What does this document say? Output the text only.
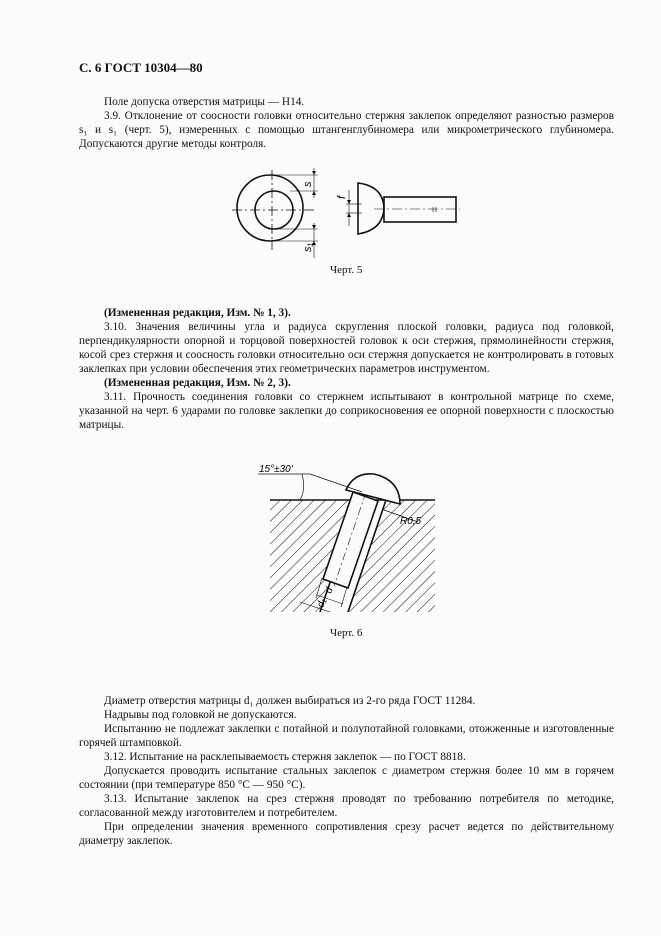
С. 6 ГОСТ 10304—80

Поле допуска отверстия матрицы — H14.

3.9. Отклонение от соосности головки относительно стержня заклепок определяют разностью размеров s₁ и s₁ (черт. 5), измеренных с помощью штангенглубиномера или микрометрического глубиномера. Допускаются другие методы контроля.

s
s₁
f
Черт. 5

(Измененная редакция, Изм. № 1, 3).

3.10. Значения величины угла и радиуса скругления плоской головки, радиуса под головкой, перпендикулярности опорной и торцовой поверхностей головок к оси стержня, прямолинейности стержня, косой срез стержня и соосность головки относительно оси стержня допускается не контролировать в готовых заклепках при условии обеспечения этих геометрических параметров инструментом.

(Измененная редакция, Изм. № 2, 3).

3.11. Прочность соединения головки со стержнем испытывают в контрольной матрице по схеме, указанной на черт. 6 ударами по головке заклепки до соприкосновения ее опорной поверхности с плоскостью матрицы.

15°±30'
R0,5
d
d₁
Черт. 6

Диаметр отверстия матрицы d₁ должен выбираться из 2-го ряда ГОСТ 11284.

Надрывы под головкой не допускаются.

Испытанию не подлежат заклепки с потайной и полупотайной головками, отожженные и изготовленные горячей штамповкой.

3.12. Испытание на расклепываемость стержня заклепок — по ГОСТ 8818.

Допускается проводить испытание стальных заклепок с диаметром стержня более 10 мм в горячем состоянии (при температуре 850 °C — 950 °C).

3.13. Испытание заклепок на срез стержня проводят по требованию потребителя по методике, согласованной между изготовителем и потребителем.

При определении значения временного сопротивления срезу расчет ведется по действительному диаметру заклепок.
